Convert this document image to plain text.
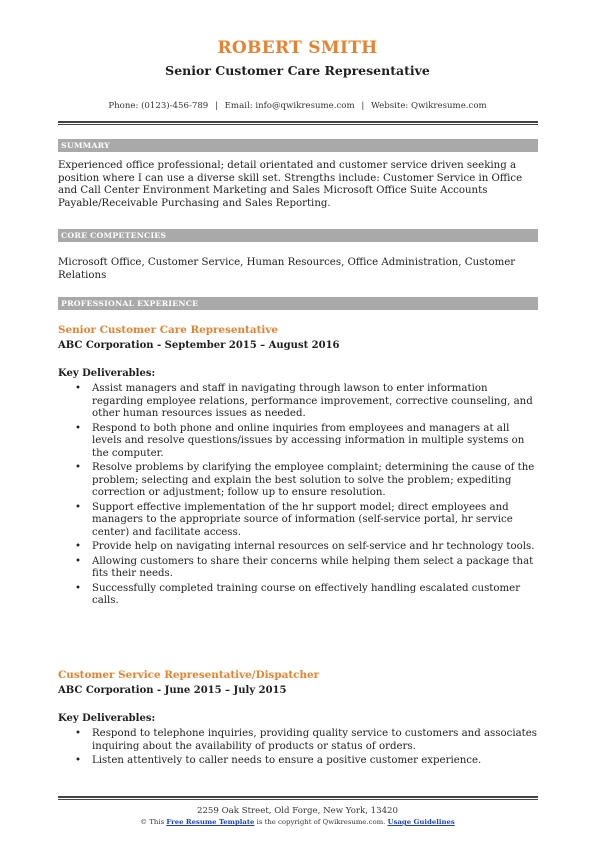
ROBERT SMITH
Senior Customer Care Representative
Phone: (0123)-456-789 | Email: info@qwikresume.com | Website: Qwikresume.com
SUMMARY
Experienced office professional; detail orientated and customer service driven seeking a position where I can use a diverse skill set. Strengths include: Customer Service in Office and Call Center Environment Marketing and Sales Microsoft Office Suite Accounts Payable/Receivable Purchasing and Sales Reporting.
CORE COMPETENCIES
Microsoft Office, Customer Service, Human Resources, Office Administration, Customer Relations
PROFESSIONAL EXPERIENCE
Senior Customer Care Representative
ABC Corporation - September 2015 – August 2016
Key Deliverables:
• Assist managers and staff in navigating through lawson to enter information regarding employee relations, performance improvement, corrective counseling, and other human resources issues as needed.
• Respond to both phone and online inquiries from employees and managers at all levels and resolve questions/issues by accessing information in multiple systems on the computer.
• Resolve problems by clarifying the employee complaint; determining the cause of the problem; selecting and explain the best solution to solve the problem; expediting correction or adjustment; follow up to ensure resolution.
• Support effective implementation of the hr support model; direct employees and managers to the appropriate source of information (self-service portal, hr service center) and facilitate access.
• Provide help on navigating internal resources on self-service and hr technology tools.
• Allowing customers to share their concerns while helping them select a package that fits their needs.
• Successfully completed training course on effectively handling escalated customer calls.
Customer Service Representative/Dispatcher
ABC Corporation - June 2015 – July 2015
Key Deliverables:
• Respond to telephone inquiries, providing quality service to customers and associates inquiring about the availability of products or status of orders.
• Listen attentively to caller needs to ensure a positive customer experience.
2259 Oak Street, Old Forge, New York, 13420
© This Free Resume Template is the copyright of Qwikresume.com. Usage Guidelines
